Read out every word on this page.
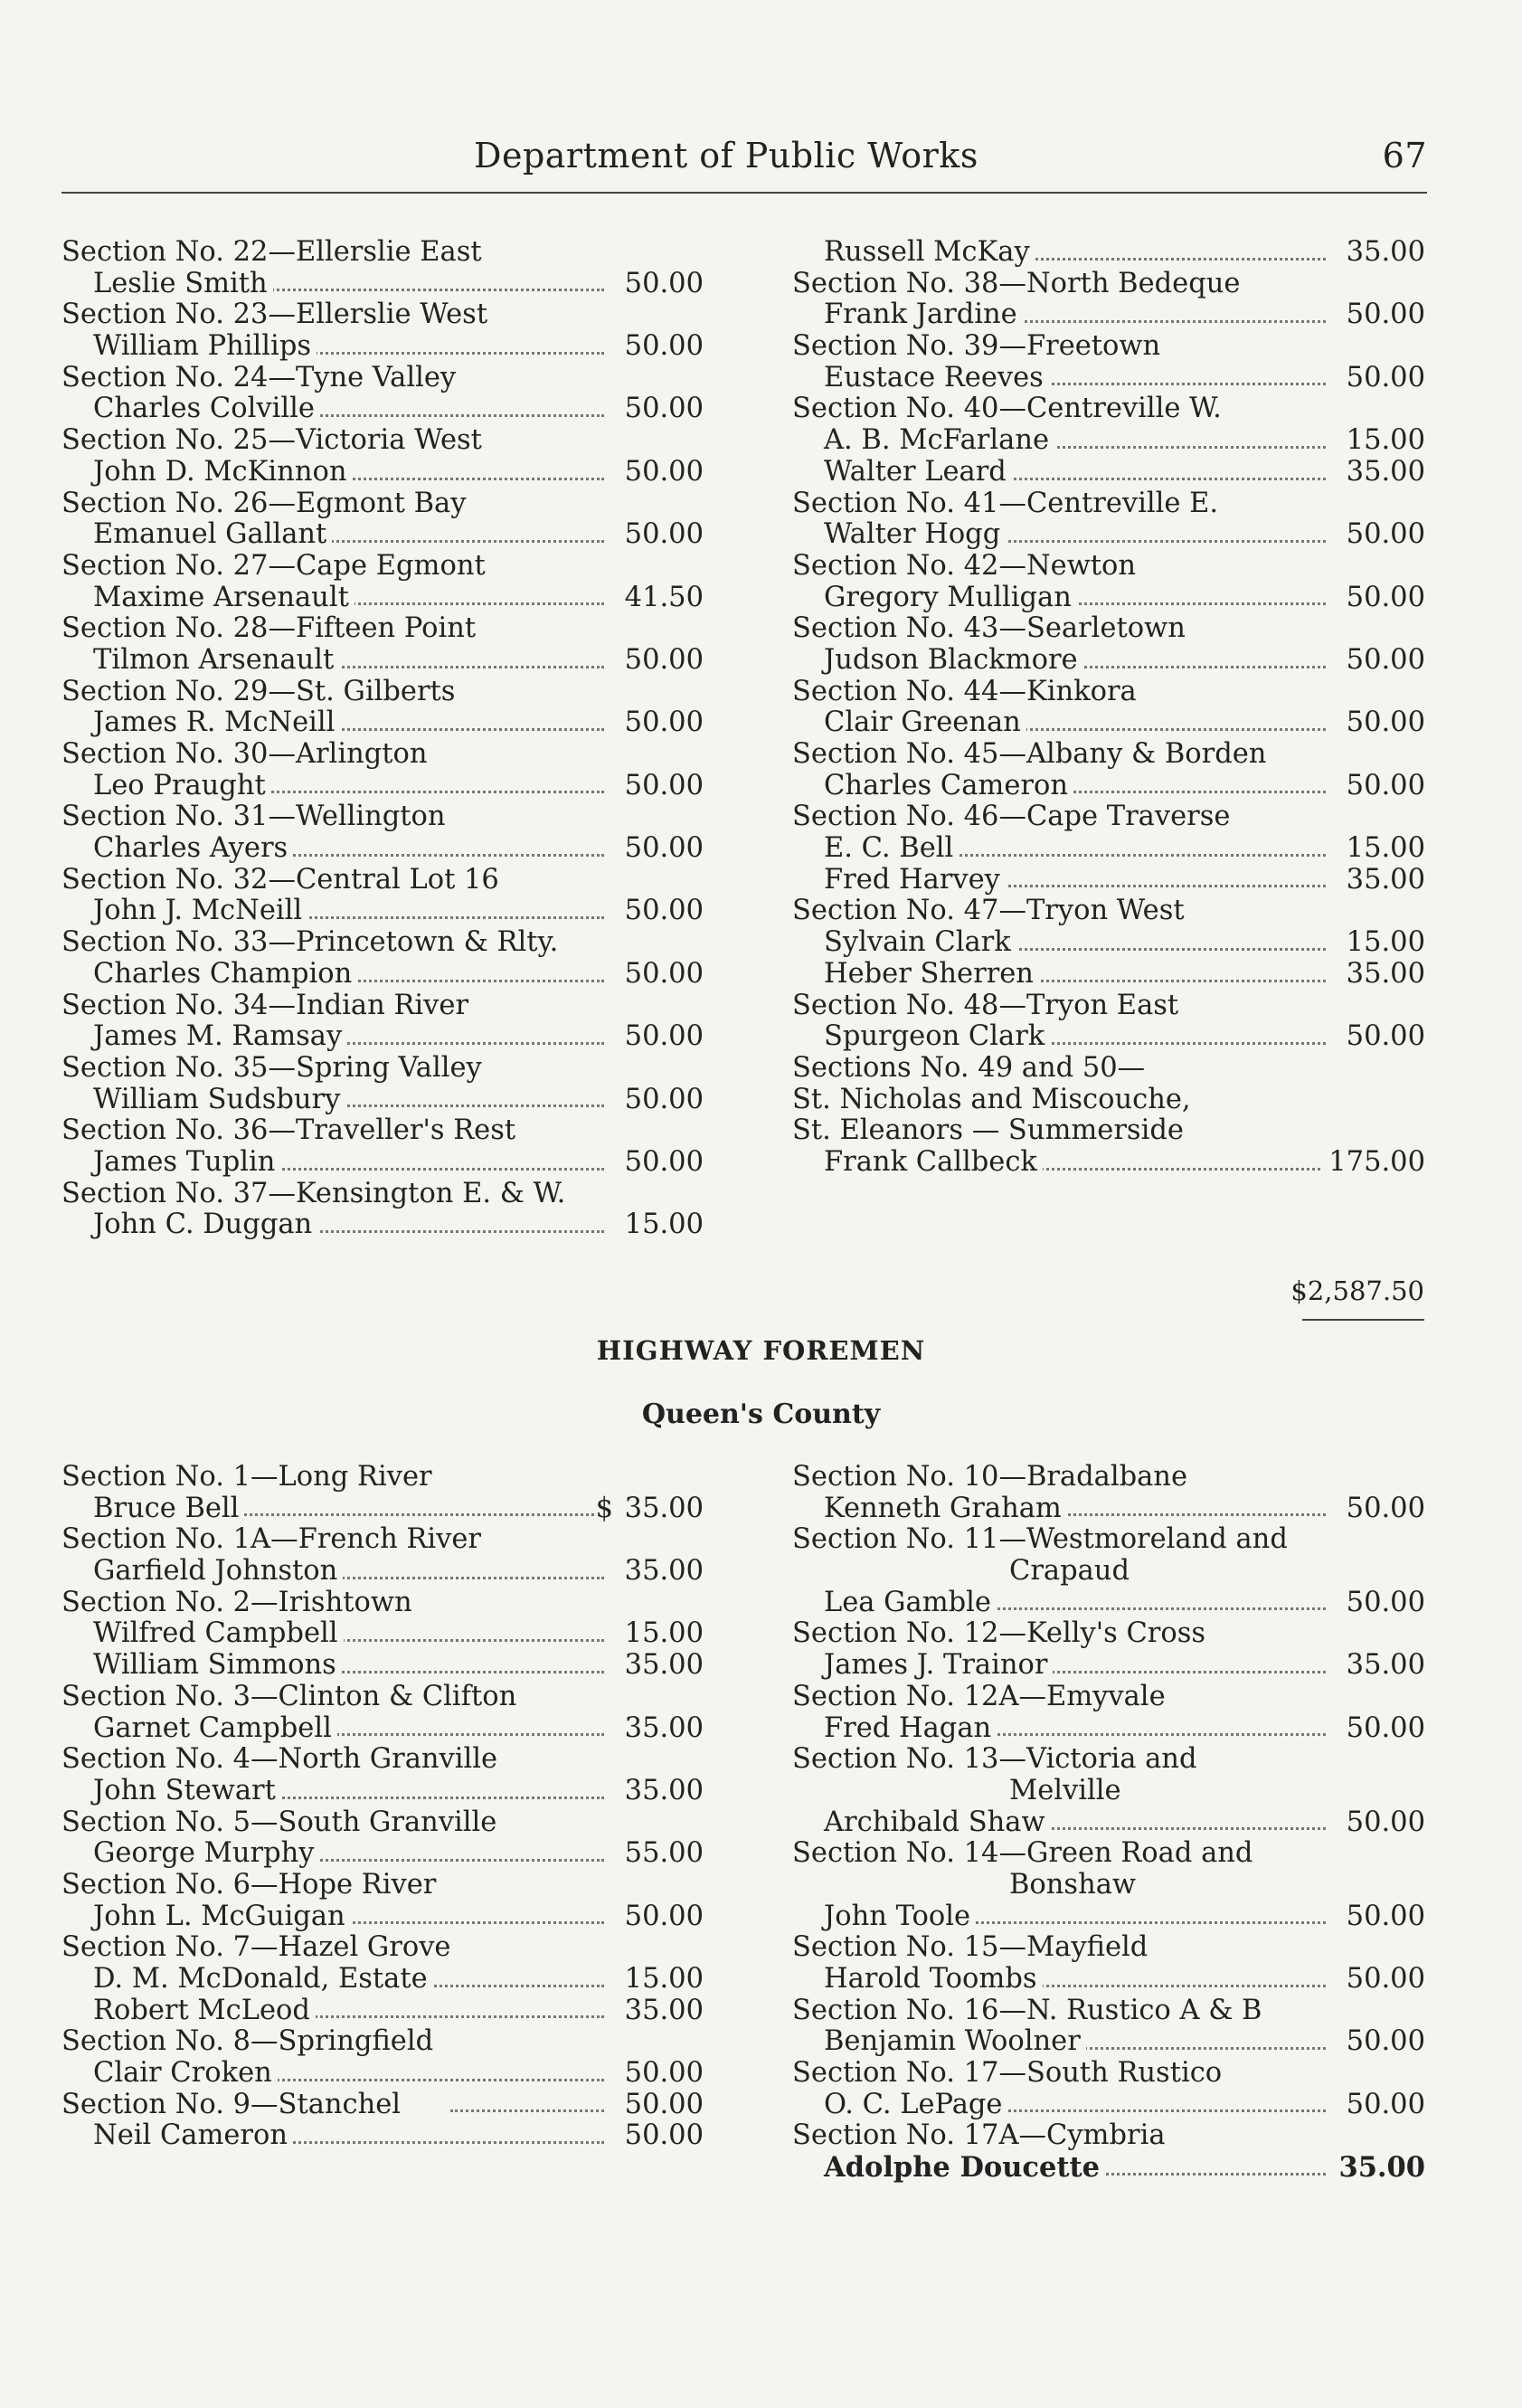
Department of Public Works	67
Section No. 22—Ellerslie East
Leslie Smith	50.00
Section No. 23—Ellerslie West
William Phillips	50.00
Section No. 24—Tyne Valley
Charles Colville	50.00
Section No. 25—Victoria West
John D. McKinnon	50.00
Section No. 26—Egmont Bay
Emanuel Gallant	50.00
Section No. 27—Cape Egmont
Maxime Arsenault	41.50
Section No. 28—Fifteen Point
Tilmon Arsenault	50.00
Section No. 29—St. Gilberts
James R. McNeill	50.00
Section No. 30—Arlington
Leo Praught	50.00
Section No. 31—Wellington
Charles Ayers	50.00
Section No. 32—Central Lot 16
John J. McNeill	50.00
Section No. 33—Princetown & Rlty.
Charles Champion	50.00
Section No. 34—Indian River
James M. Ramsay	50.00
Section No. 35—Spring Valley
William Sudsbury	50.00
Section No. 36—Traveller's Rest
James Tuplin	50.00
Section No. 37—Kensington E. & W.
John C. Duggan	15.00
Russell McKay	35.00
Section No. 38—North Bedeque
Frank Jardine	50.00
Section No. 39—Freetown
Eustace Reeves	50.00
Section No. 40—Centreville W.
A. B. McFarlane	15.00
Walter Leard	35.00
Section No. 41—Centreville E.
Walter Hogg	50.00
Section No. 42—Newton
Gregory Mulligan	50.00
Section No. 43—Searletown
Judson Blackmore	50.00
Section No. 44—Kinkora
Clair Greenan	50.00
Section No. 45—Albany & Borden
Charles Cameron	50.00
Section No. 46—Cape Traverse
E. C. Bell	15.00
Fred Harvey	35.00
Section No. 47—Tryon West
Sylvain Clark	15.00
Heber Sherren	35.00
Section No. 48—Tryon East
Spurgeon Clark	50.00
Sections No. 49 and 50—
St. Nicholas and Miscouche,
St. Eleanors — Summerside
Frank Callbeck	175.00
$2,587.50
HIGHWAY FOREMEN
Queen's County
Section No. 1—Long River
Bruce Bell	$ 35.00
Section No. 1A—French River
Garfield Johnston	35.00
Section No. 2—Irishtown
Wilfred Campbell	15.00
William Simmons	35.00
Section No. 3—Clinton & Clifton
Garnet Campbell	35.00
Section No. 4—North Granville
John Stewart	35.00
Section No. 5—South Granville
George Murphy	55.00
Section No. 6—Hope River
John L. McGuigan	50.00
Section No. 7—Hazel Grove
D. M. McDonald, Estate	15.00
Robert McLeod	35.00
Section No. 8—Springfield
Clair Croken	50.00
Section No. 9—Stanchel	50.00
Neil Cameron	50.00
Section No. 10—Bradalbane
Kenneth Graham	50.00
Section No. 11—Westmoreland and
Crapaud
Lea Gamble	50.00
Section No. 12—Kelly's Cross
James J. Trainor	35.00
Section No. 12A—Emyvale
Fred Hagan	50.00
Section No. 13—Victoria and
Melville
Archibald Shaw	50.00
Section No. 14—Green Road and
Bonshaw
John Toole	50.00
Section No. 15—Mayfield
Harold Toombs	50.00
Section No. 16—N. Rustico A & B
Benjamin Woolner	50.00
Section No. 17—South Rustico
O. C. LePage	50.00
Section No. 17A—Cymbria
Adolphe Doucette	35.00
